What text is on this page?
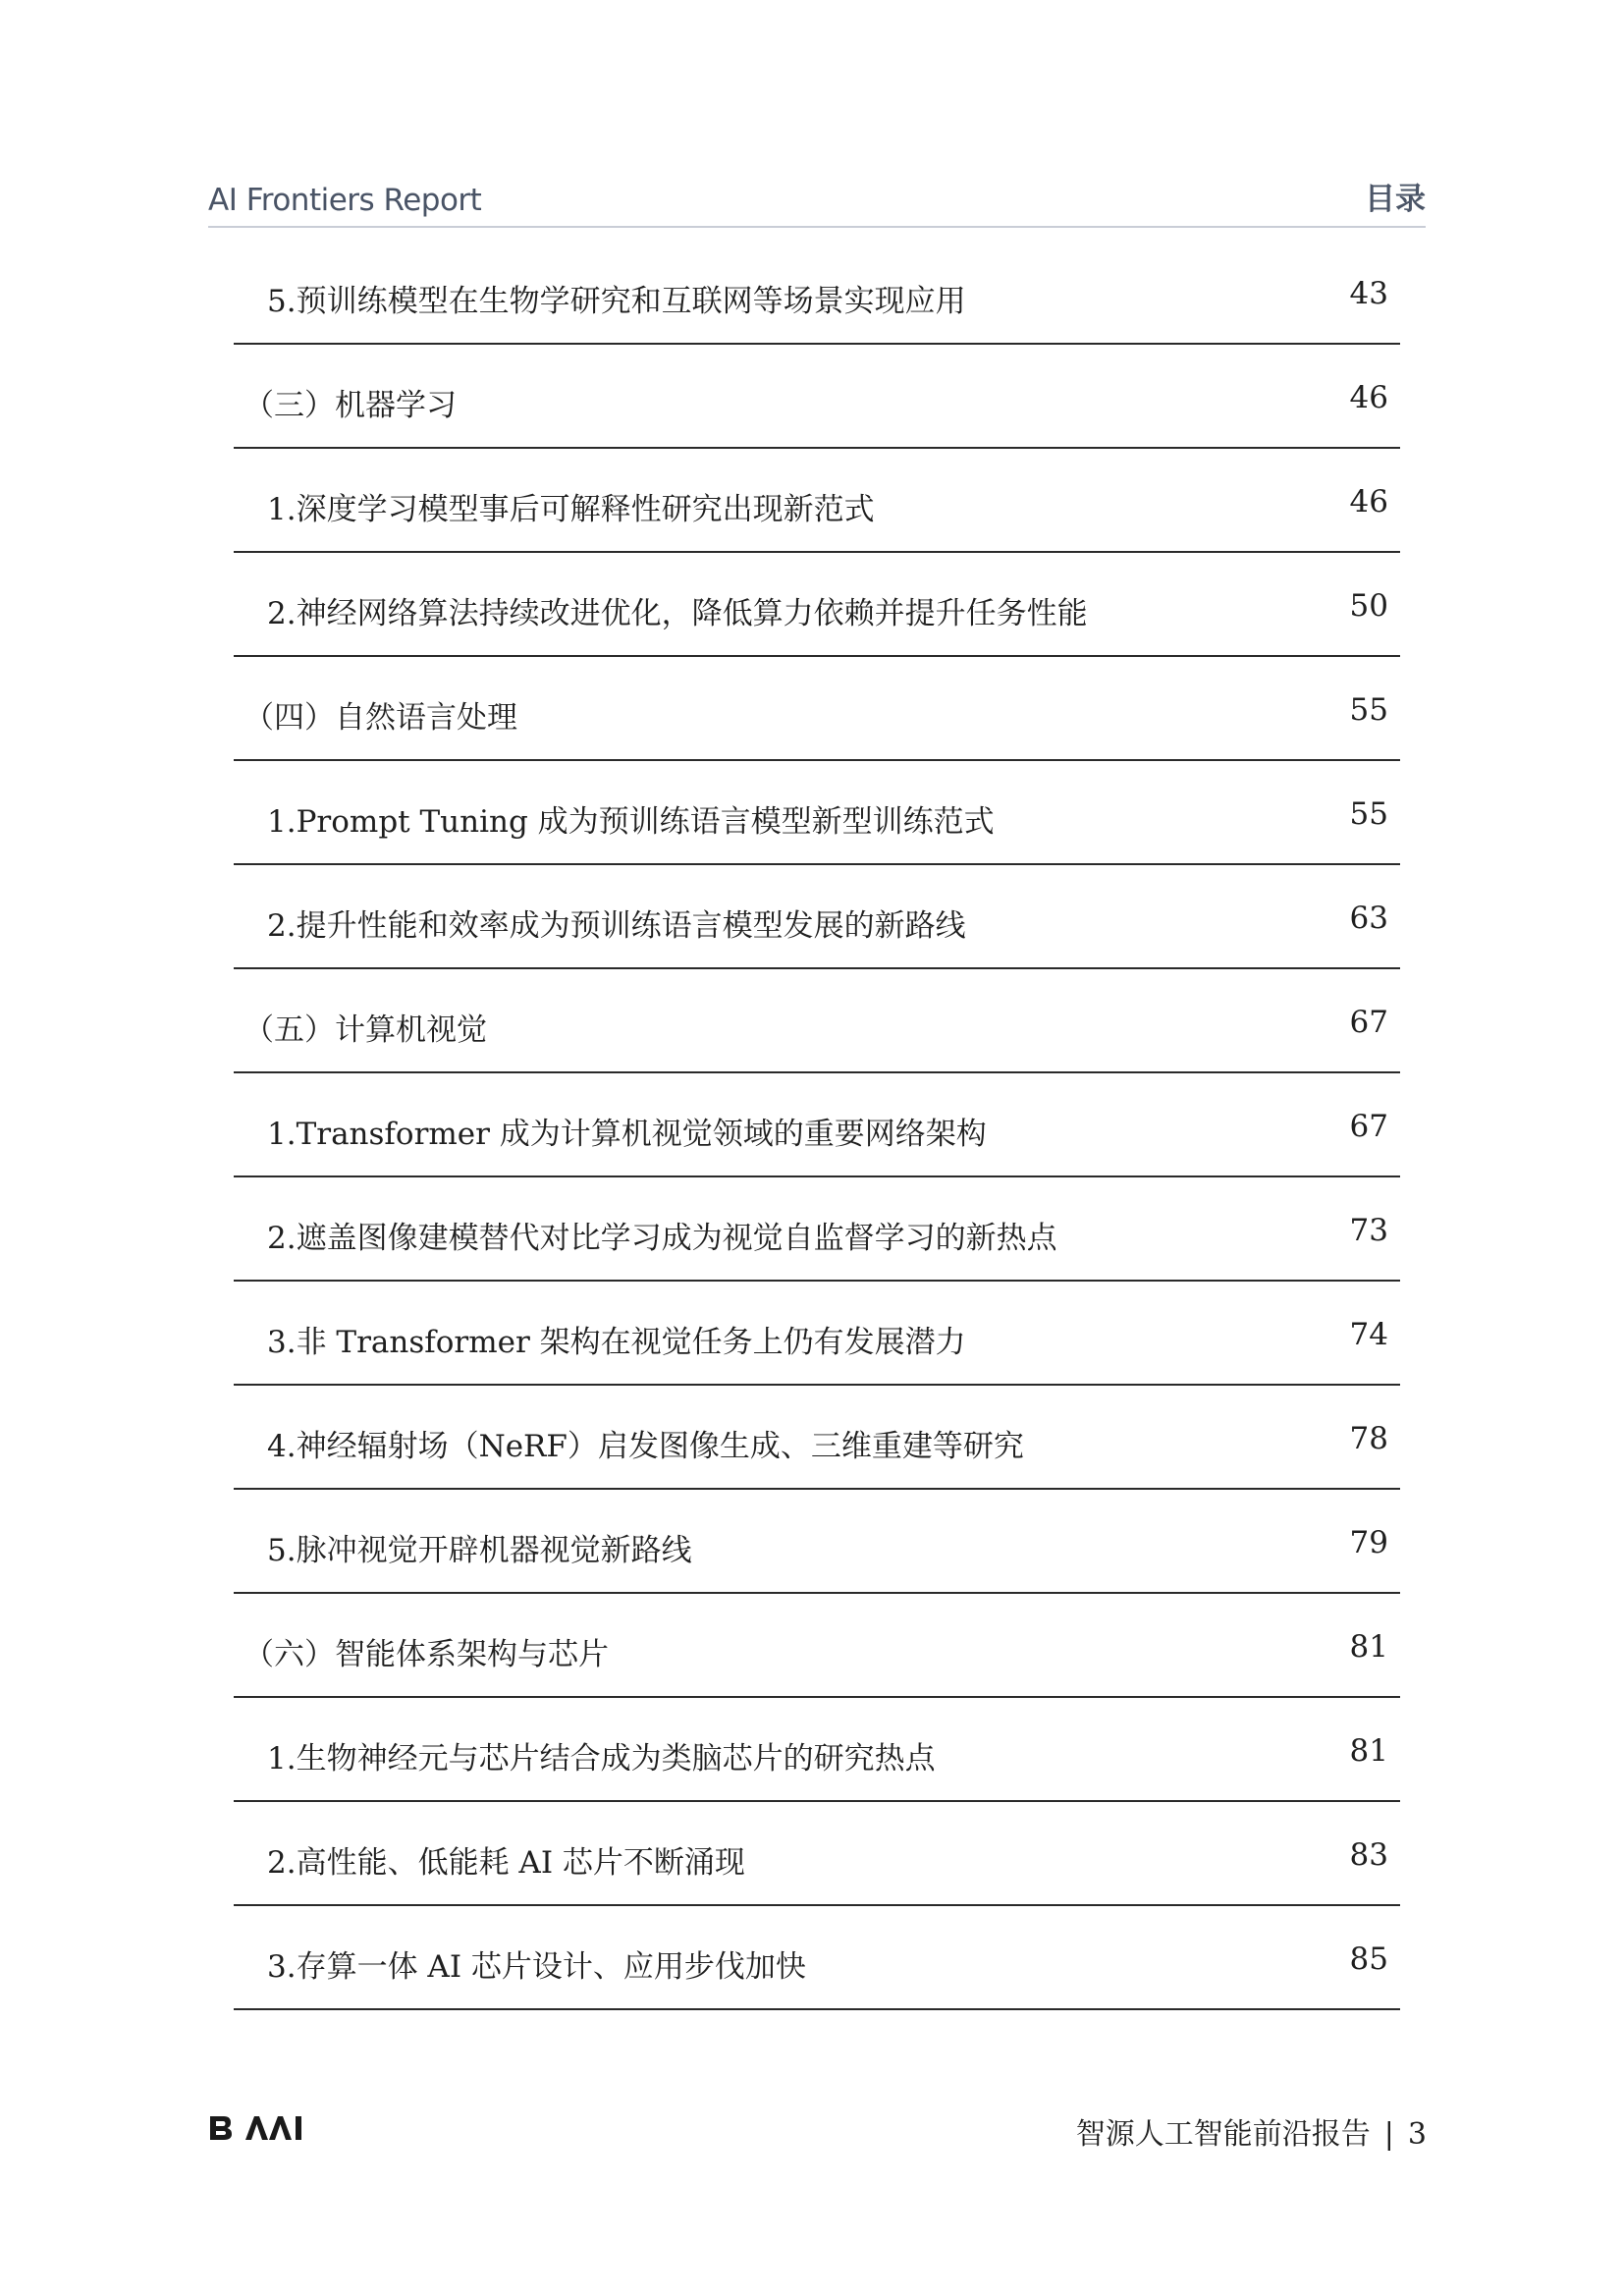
AI Frontiers Report	目录
5.预训练模型在生物学研究和互联网等场景实现应用	43
（三）机器学习	46
1.深度学习模型事后可解释性研究出现新范式	46
2.神经网络算法持续改进优化，降低算力依赖并提升任务性能	50
（四）自然语言处理	55
1.Prompt Tuning 成为预训练语言模型新型训练范式	55
2.提升性能和效率成为预训练语言模型发展的新路线	63
（五）计算机视觉	67
1.Transformer 成为计算机视觉领域的重要网络架构	67
2.遮盖图像建模替代对比学习成为视觉自监督学习的新热点	73
3.非 Transformer 架构在视觉任务上仍有发展潜力	74
4.神经辐射场（NeRF）启发图像生成、三维重建等研究	78
5.脉冲视觉开辟机器视觉新路线	79
（六）智能体系架构与芯片	81
1.生物神经元与芯片结合成为类脑芯片的研究热点	81
2.高性能、低能耗 AI 芯片不断涌现	83
3.存算一体 AI 芯片设计、应用步伐加快	85
智源人工智能前沿报告 | 3
